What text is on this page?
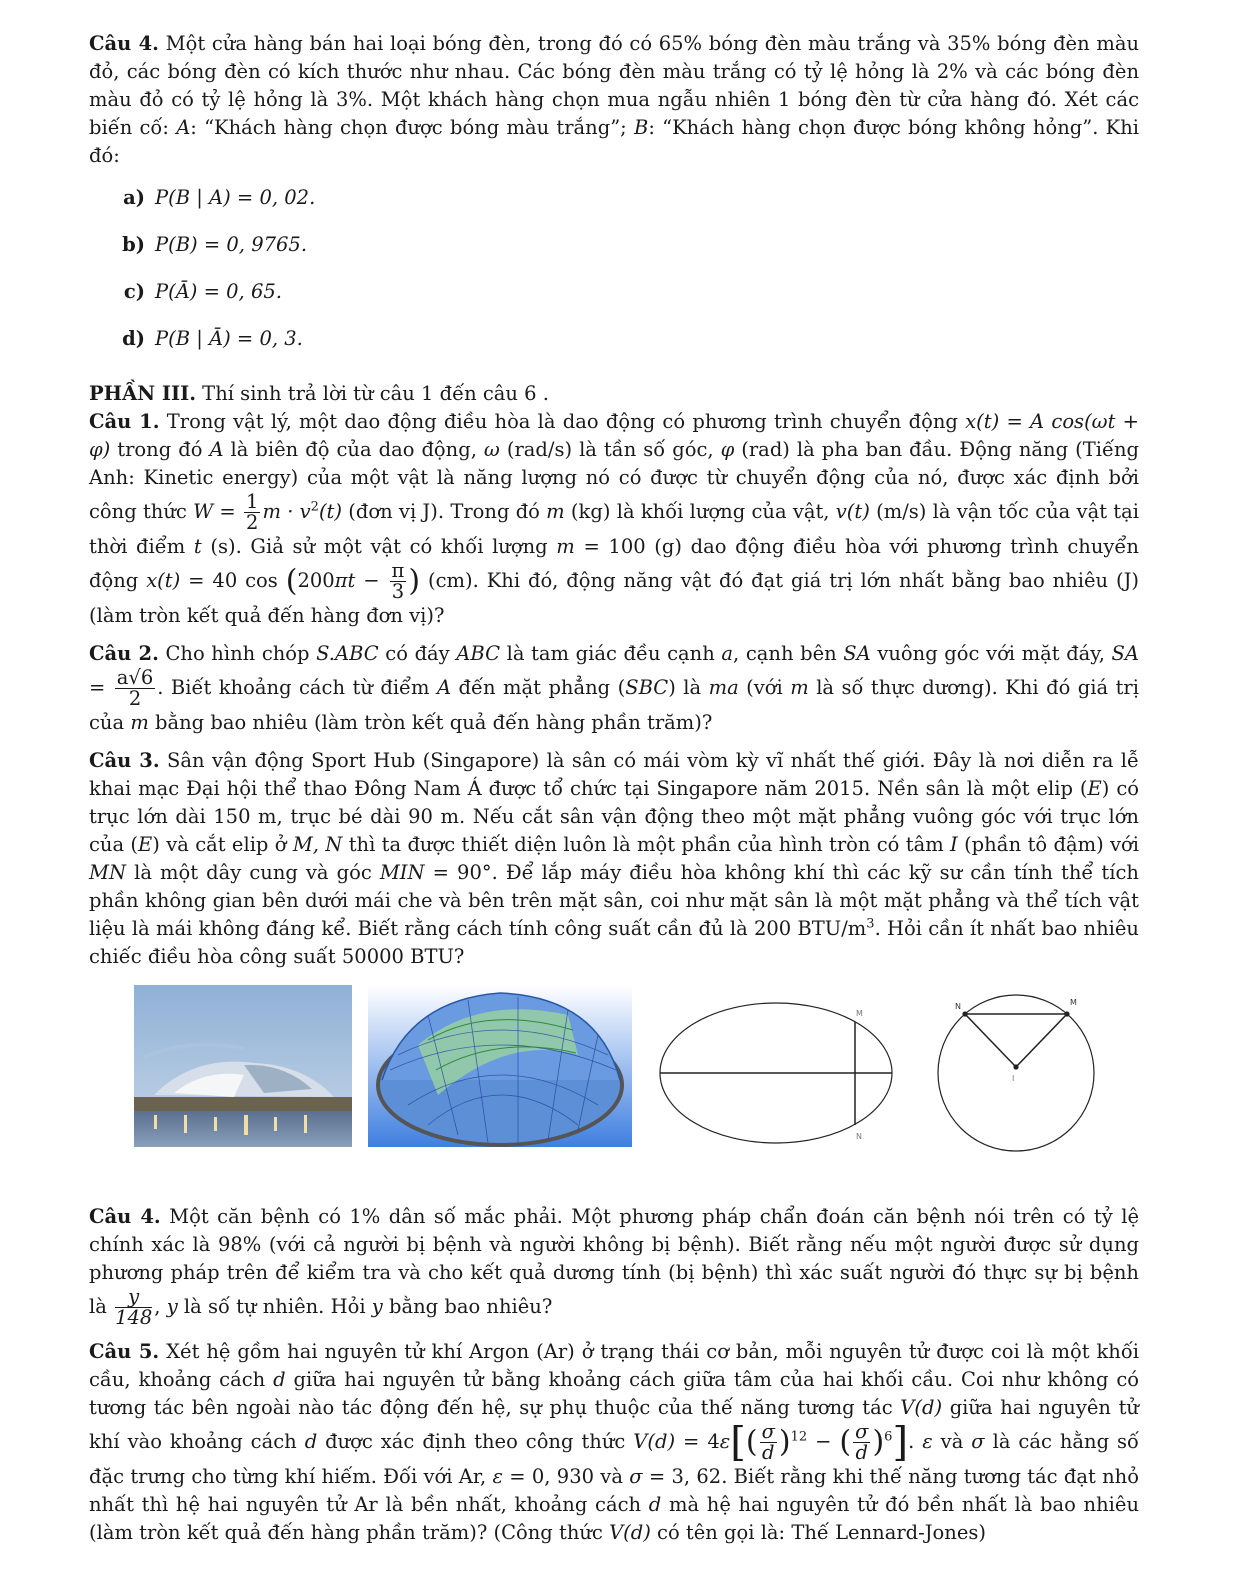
Câu 4. Một cửa hàng bán hai loại bóng đèn, trong đó có 65% bóng đèn màu trắng và 35% bóng đèn màu đỏ, các bóng đèn có kích thước như nhau. Các bóng đèn màu trắng có tỷ lệ hỏng là 2% và các bóng đèn màu đỏ có tỷ lệ hỏng là 3%. Một khách hàng chọn mua ngẫu nhiên 1 bóng đèn từ cửa hàng đó. Xét các biến cố: A: “Khách hàng chọn được bóng màu trắng”; B: “Khách hàng chọn được bóng không hỏng”. Khi đó:

a) P(B | A) = 0, 02.
b) P(B) = 0, 9765.
c) P(Ā) = 0, 65.
d) P(B | Ā) = 0, 3.

PHẦN III. Thí sinh trả lời từ câu 1 đến câu 6 .

Câu 1. Trong vật lý, một dao động điều hòa là dao động có phương trình chuyển động x(t) = A cos(ωt + φ) trong đó A là biên độ của dao động, ω (rad/s) là tần số góc, φ (rad) là pha ban đầu. Động năng (Tiếng Anh: Kinetic energy) của một vật là năng lượng nó có được từ chuyển động của nó, được xác định bởi công thức $W = \frac{1}{2}$ $m \cdot v^2(t)$ (đơn vị J). Trong đó m (kg) là khối lượng của vật, v(t) (m/s) là vận tốc của vật tại thời điểm t (s). Giả sử một vật có khối lượng m = 100 (g) dao động điều hòa với phương trình chuyển động x(t) = 40 $\cos (200\pi t - \frac{\pi}{3}$ ) (cm). Khi đó, động năng vật đó đạt giá trị lớn nhất bằng bao nhiêu (J) (làm tròn kết quả đến hàng đơn vị)?

Câu 2. Cho hình chóp S.ABC có đáy ABC là tam giác đều cạnh a, cạnh bên SA vuông góc với mặt đáy, SA = $\frac{a√6}{2}$ . Biết khoảng cách từ điểm A đến mặt phẳng (SBC) là ma (với m là số thực dương). Khi đó giá trị của m bằng bao nhiêu (làm tròn kết quả đến hàng phần trăm)?

Câu 3. Sân vận động Sport Hub (Singapore) là sân có mái vòm kỳ vĩ nhất thế giới. Đây là nơi diễn ra lễ khai mạc Đại hội thể thao Đông Nam Á được tổ chức tại Singapore năm 2015. Nền sân là một elip (E) có trục lớn dài 150 m, trục bé dài 90 m. Nếu cắt sân vận động theo một mặt phẳng vuông góc với trục lớn của (E) và cắt elip ở M, N thì ta được thiết diện luôn là một phần của hình tròn có tâm I (phần tô đậm) với MN là một dây cung và góc MIN = 90°. Để lắp máy điều hòa không khí thì các kỹ sư cần tính thể tích phần không gian bên dưới mái che và bên trên mặt sân, coi như mặt sân là một mặt phẳng và thể tích vật liệu là mái không đáng kể. Biết rằng cách tính công suất cần đủ là 200 BTU/$m^3$. Hỏi cần ít nhất bao nhiêu chiếc điều hòa công suất 50000 BTU?

M
N
N	M
I

Câu 4. Một căn bệnh có 1% dân số mắc phải. Một phương pháp chẩn đoán căn bệnh nói trên có tỷ lệ chính xác là 98% (với cả người bị bệnh và người không bị bệnh). Biết rằng nếu một người được sử dụng phương pháp trên để kiểm tra và cho kết quả dương tính (bị bệnh) thì xác suất người đó thực sự bị bệnh là $\frac{y}{148}$ , y là số tự nhiên. Hỏi y bằng bao nhiêu?

Câu 5. Xét hệ gồm hai nguyên tử khí Argon (Ar) ở trạng thái cơ bản, mỗi nguyên tử được coi là một khối cầu, khoảng cách d giữa hai nguyên tử bằng khoảng cách giữa tâm của hai khối cầu. Coi như không có tương tác bên ngoài nào tác động đến hệ, sự phụ thuộc của thế năng tương tác V(d) giữa hai nguyên tử khí vào khoảng cách d được xác định theo công thức $V(d) = 4\varepsilon[( \frac{\sigma}{d} )^{12}$ − ( $\frac{\sigma}{d} )^6$]. ε và σ là các hằng số đặc trưng cho từng khí hiếm. Đối với Ar, ε = 0, 930 và σ = 3, 62. Biết rằng khi thế năng tương tác đạt nhỏ nhất thì hệ hai nguyên tử Ar là bền nhất, khoảng cách d mà hệ hai nguyên tử đó bền nhất là bao nhiêu (làm tròn kết quả đến hàng phần trăm)? (Công thức V(d) có tên gọi là: Thế Lennard-Jones)
